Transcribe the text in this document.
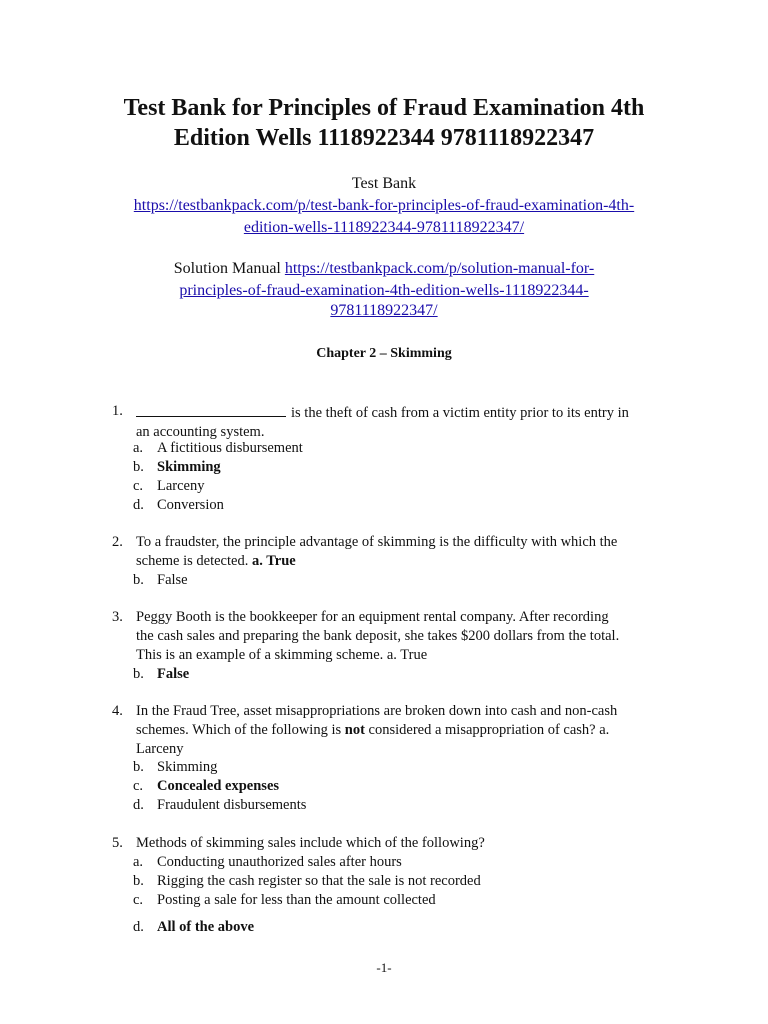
Test Bank for Principles of Fraud Examination 4th
Edition Wells 1118922344 9781118922347
Test Bank
https://testbankpack.com/p/test-bank-for-principles-of-fraud-examination-4th-
edition-wells-1118922344-9781118922347/
Solution Manual https://testbankpack.com/p/solution-manual-for-
principles-of-fraud-examination-4th-edition-wells-1118922344-
9781118922347/
Chapter 2 – Skimming
1.	is the theft of cash from a victim entity prior to its entry in
an accounting system.
a. A fictitious disbursement
b. Skimming
c. Larceny
d. Conversion
2. To a fraudster, the principle advantage of skimming is the difficulty with which the
scheme is detected. a. True
b. False
3. Peggy Booth is the bookkeeper for an equipment rental company. After recording
the cash sales and preparing the bank deposit, she takes $200 dollars from the total.
This is an example of a skimming scheme. a. True
b. False
4. In the Fraud Tree, asset misappropriations are broken down into cash and non-cash
schemes. Which of the following is not considered a misappropriation of cash? a.
Larceny
b. Skimming
c. Concealed expenses
d. Fraudulent disbursements
5. Methods of skimming sales include which of the following?
a. Conducting unauthorized sales after hours
b. Rigging the cash register so that the sale is not recorded
c. Posting a sale for less than the amount collected
d. All of the above
-1-
